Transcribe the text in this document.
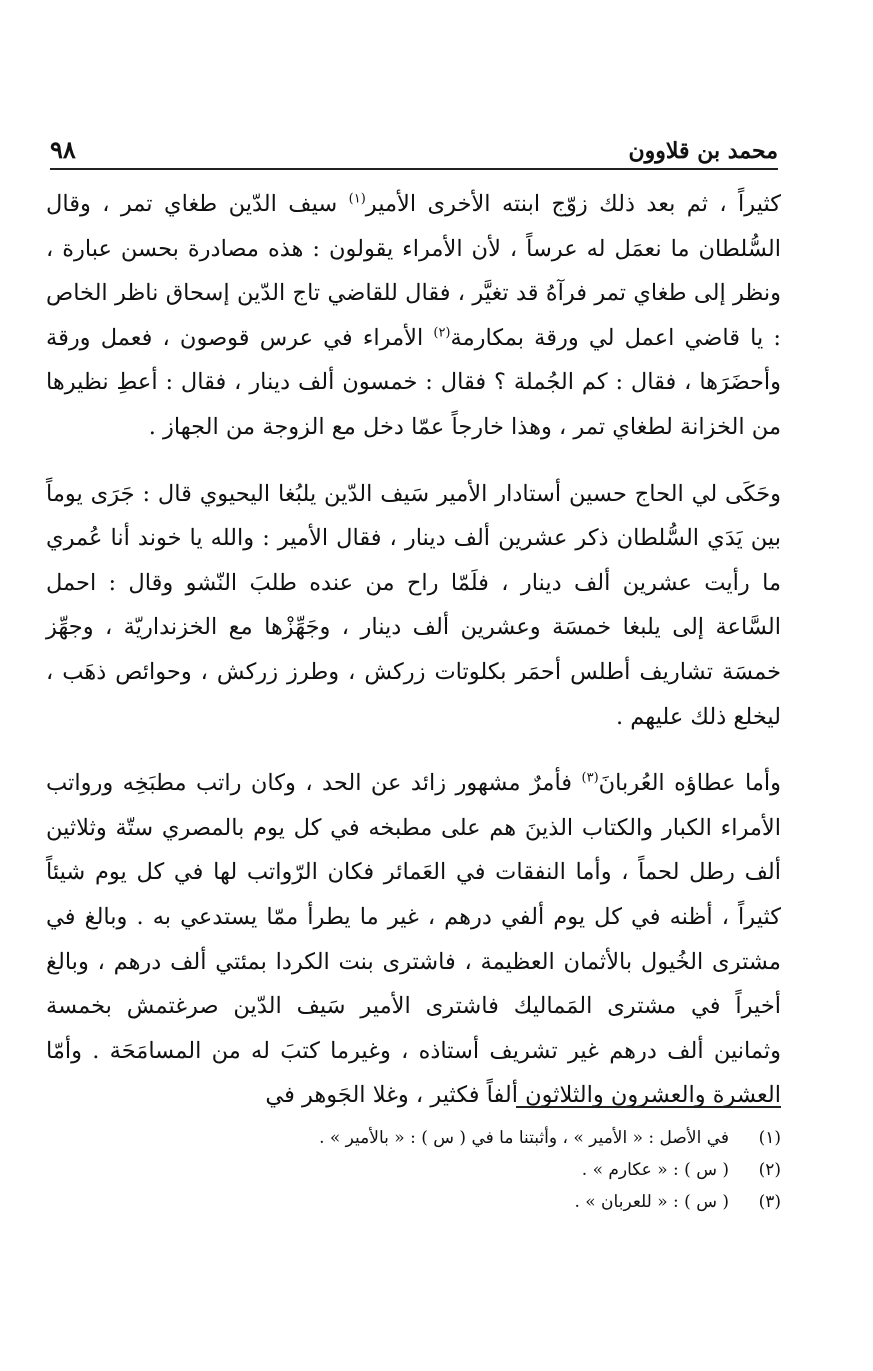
محمد بن قلاوون
٩٨

كثيراً ، ثم بعد ذلك زوّج ابنته الأخرى الأمير$^{(١)}$ سيف الدّين طغاي تمر ، وقال السُّلطان ما نعمَل له عرساً ، لأن الأمراء يقولون : هذه مصادرة بحسن عبارة ، ونظر إلى طغاي تمر فرآهُ قد تغيَّر ، فقال للقاضي تاج الدّين إسحاق ناظر الخاص : يا قاضي اعمل لي ورقة بمكارمة$^{(٢)}$ الأمراء في عرس قوصون ، فعمل ورقة وأحضَرَها ، فقال : كم الجُملة ؟ فقال : خمسون ألف دينار ، فقال : أعطِ نظيرها من الخزانة لطغاي تمر ، وهذا خارجاً عمّا دخل مع الزوجة من الجهاز .

وحَكَى لي الحاج حسين أستادار الأمير سَيف الدّين يلبُغا اليحيوي قال : جَرَى يوماً بين يَدَي السُّلطان ذكر عشرين ألف دينار ، فقال الأمير : والله يا خوند أنا عُمري ما رأيت عشرين ألف دينار ، فلَمّا راح من عنده طلبَ النّشو وقال : احمل السَّاعة إلى يلبغا خمسَة وعشرين ألف دينار ، وجَهِّزْها مع الخزنداريّة ، وجهِّز خمسَة تشاريف أطلس أحمَر بكلوتات زركش ، وطرز زركش ، وحوائص ذهَب ، ليخلع ذلك عليهم .

وأما عطاؤه العُربانَ$^{(٣)}$ فأمرٌ مشهور زائد عن الحد ، وكان راتب مطبَخِه ورواتب الأمراء الكبار والكتاب الذينَ هم على مطبخه في كل يوم بالمصري ستّة وثلاثين ألف رطل لحماً ، وأما النفقات في العَمائر فكان الرّواتب لها في كل يوم شيئاً كثيراً ، أظنه في كل يوم ألفي درهم ، غير ما يطرأ ممّا يستدعي به . وبالغ في مشترى الخُيول بالأثمان العظيمة ، فاشترى بنت الكردا بمئتي ألف درهم ، وبالغ أخيراً في مشترى المَماليك فاشترى الأمير سَيف الدّين صرغتمش بخمسة وثمانين ألف درهم غير تشريف أستاذه ، وغيرما كتبَ له من المسامَحَة . وأمّا العشرة والعشرون والثلاثون ألفاً فكثير ، وغلا الجَوهر في

(١)
في الأصل : « الأمير » ، وأثبتنا ما في ( س ) : « بالأمير » .
(٢)
( س ) : « عكارم » .
(٣)
( س ) : « للعربان » .
